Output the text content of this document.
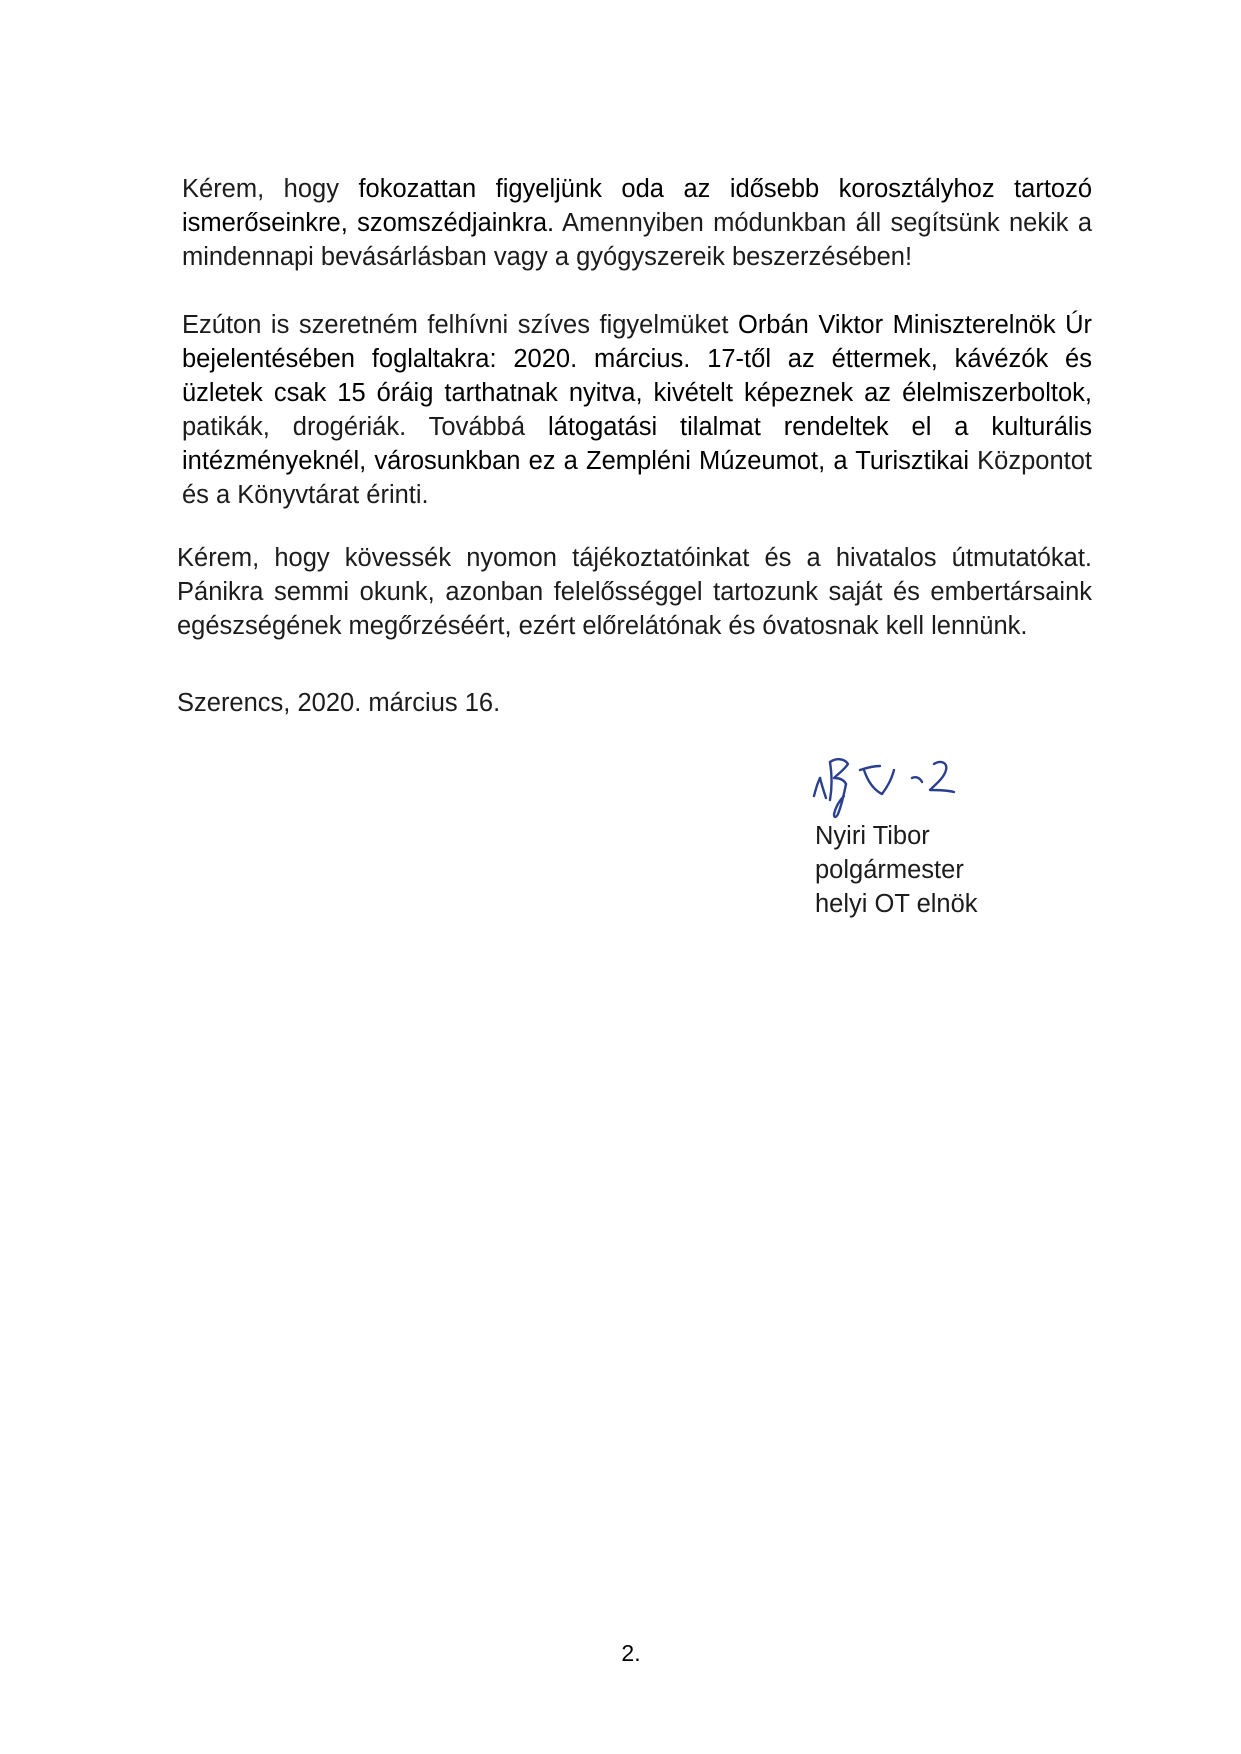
Kérem, hogy fokozattan figyeljünk oda az idősebb korosztályhoz tartozó ismerőseinkre, szomszédjainkra. Amennyiben módunkban áll segítsünk nekik a mindennapi bevásárlásban vagy a gyógyszereik beszerzésében!

Ezúton is szeretném felhívni szíves figyelmüket Orbán Viktor Miniszterelnök Úr bejelentésében foglaltakra: 2020. március. 17-től az éttermek, kávézók és üzletek csak 15 óráig tarthatnak nyitva, kivételt képeznek az élelmiszerboltok, patikák, drogériák. Továbbá látogatási tilalmat rendeltek el a kulturális intézményeknél, városunkban ez a Zempléni Múzeumot, a Turisztikai Központot és a Könyvtárat érinti.

Kérem, hogy kövessék nyomon tájékoztatóinkat és a hivatalos útmutatókat. Pánikra semmi okunk, azonban felelősséggel tartozunk saját és embertársaink egészségének megőrzéséért, ezért előrelátónak és óvatosnak kell lennünk.

Szerencs, 2020. március 16.
Nyiri Tibor
polgármester
helyi OT elnök
2.
